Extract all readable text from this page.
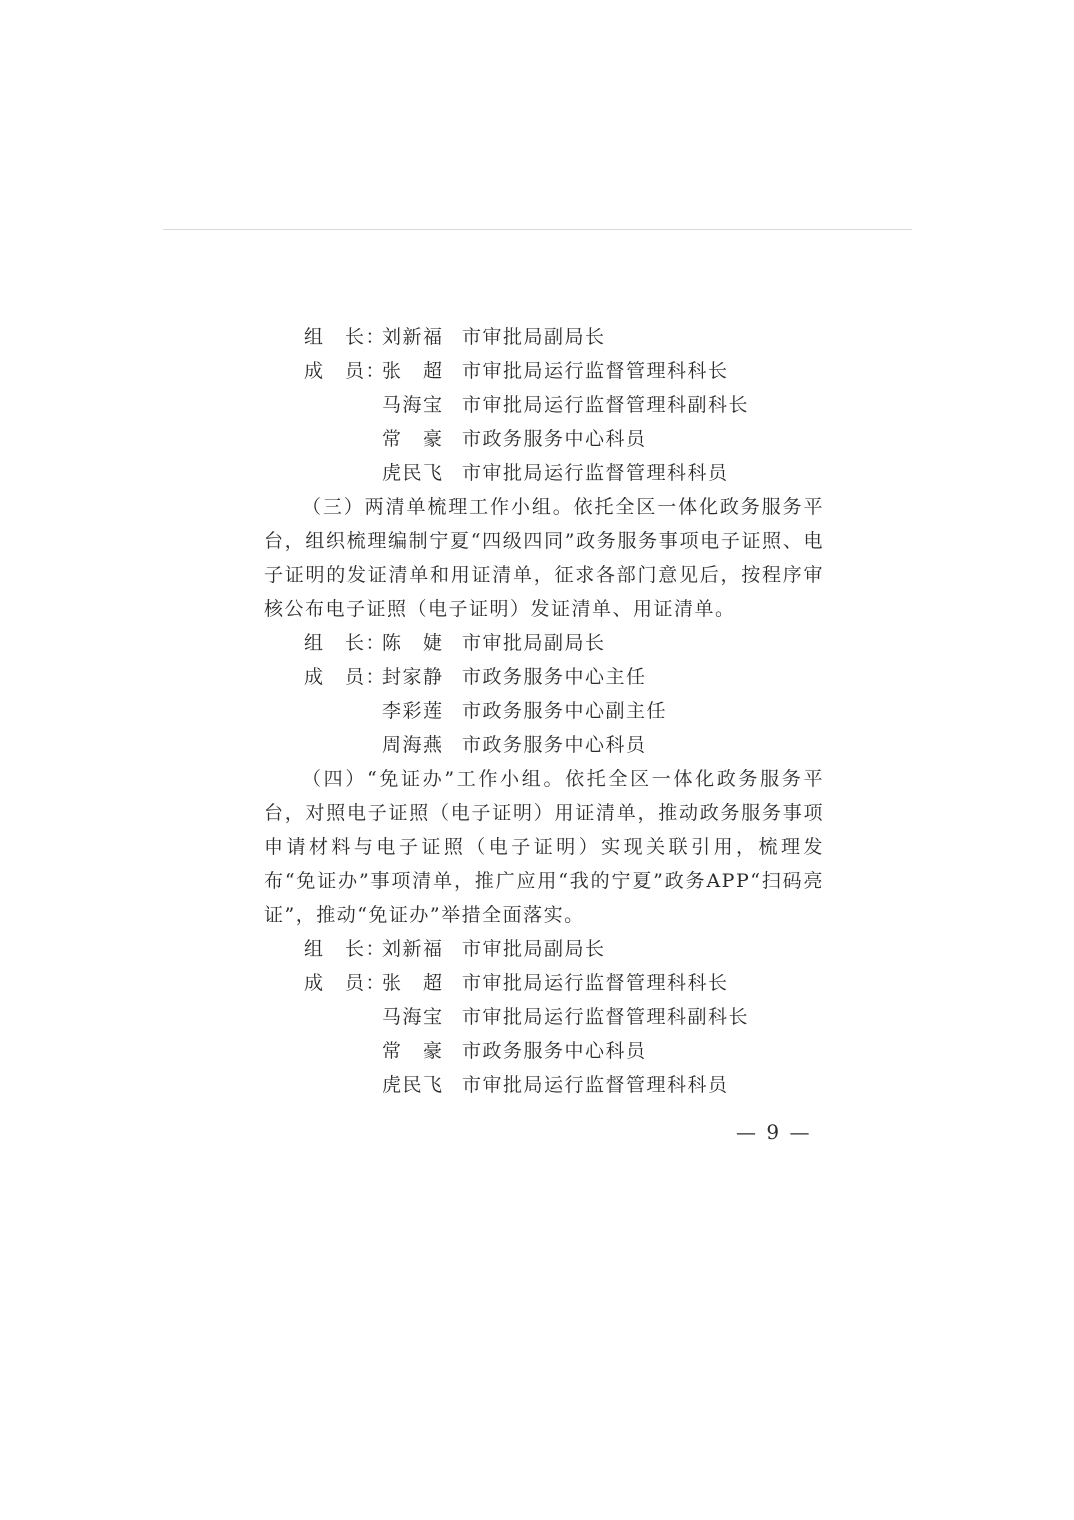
组　长：
刘新福 市审批局副局长
成　员：
张　超 市审批局运行监督管理科科长
马海宝 市审批局运行监督管理科副科长
常　豪 市政务服务中心科员
虎民飞 市审批局运行监督管理科科员
（三）两清单梳理工作小组。依托全区一体化政务服务平台，组织梳理编制宁夏“四级四同”政务服务事项电子证照、电子证明的发证清单和用证清单，征求各部门意见后，按程序审核公布电子证照（电子证明）发证清单、用证清单。
组　长：
陈　婕 市审批局副局长
成　员：
封家静 市政务服务中心主任
李彩莲 市政务服务中心副主任
周海燕 市政务服务中心科员
（四）“免证办”工作小组。依托全区一体化政务服务平台，对照电子证照（电子证明）用证清单，推动政务服务事项申请材料与电子证照（电子证明）实现关联引用，梳理发布“免证办”事项清单，推广应用“我的宁夏”政务APP“扫码亮证”，推动“免证办”举措全面落实。
组　长：
刘新福 市审批局副局长
成　员：
张　超 市审批局运行监督管理科科长
马海宝 市审批局运行监督管理科副科长
常　豪 市政务服务中心科员
虎民飞 市审批局运行监督管理科科员
— 9 —
